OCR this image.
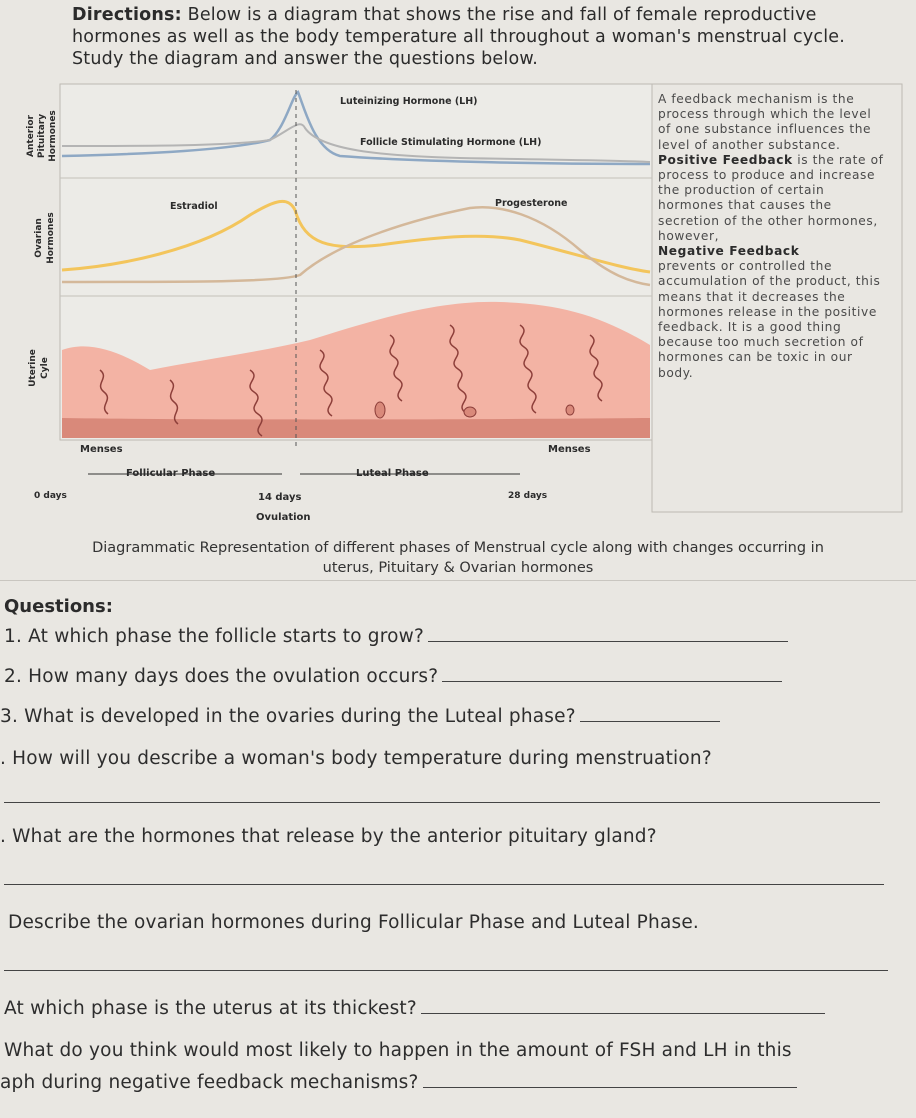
Directions: Below is a diagram that shows the rise and fall of female reproductive hormones as well as the body temperature all throughout a woman's menstrual cycle. Study the diagram and answer the questions below.
Luteinizing Hormone (LH)
Follicle Stimulating Hormone (LH)
Estradiol	Progesterone
Menses	Menses
Follicular Phase	Luteal Phase
0 days	14 days	28 days
Ovulation
Anterior Pituitary Hormones
Ovarian Hormones
Uterine Cyle
A feedback mechanism is the process through which the level of one substance influences the level of another substance.
Positive Feedback is the rate of process to produce and increase the production of certain hormones that causes the secretion of the other hormones, however,
Negative Feedback
prevents or controlled the accumulation of the product, this means that it decreases the hormones release in the positive feedback. It is a good thing because too much secretion of hormones can be toxic in our body.
Diagrammatic Representation of different phases of Menstrual cycle along with changes occurring in
uterus, Pituitary & Ovarian hormones
Questions:
1. At which phase the follicle starts to grow?
2. How many days does the ovulation occurs?
3. What is developed in the ovaries during the Luteal phase?
. How will you describe a woman's body temperature during menstruation?
. What are the hormones that release by the anterior pituitary gland?
Describe the ovarian hormones during Follicular Phase and Luteal Phase.
At which phase is the uterus at its thickest?
What do you think would most likely to happen in the amount of FSH and LH in this
aph during negative feedback mechanisms?
